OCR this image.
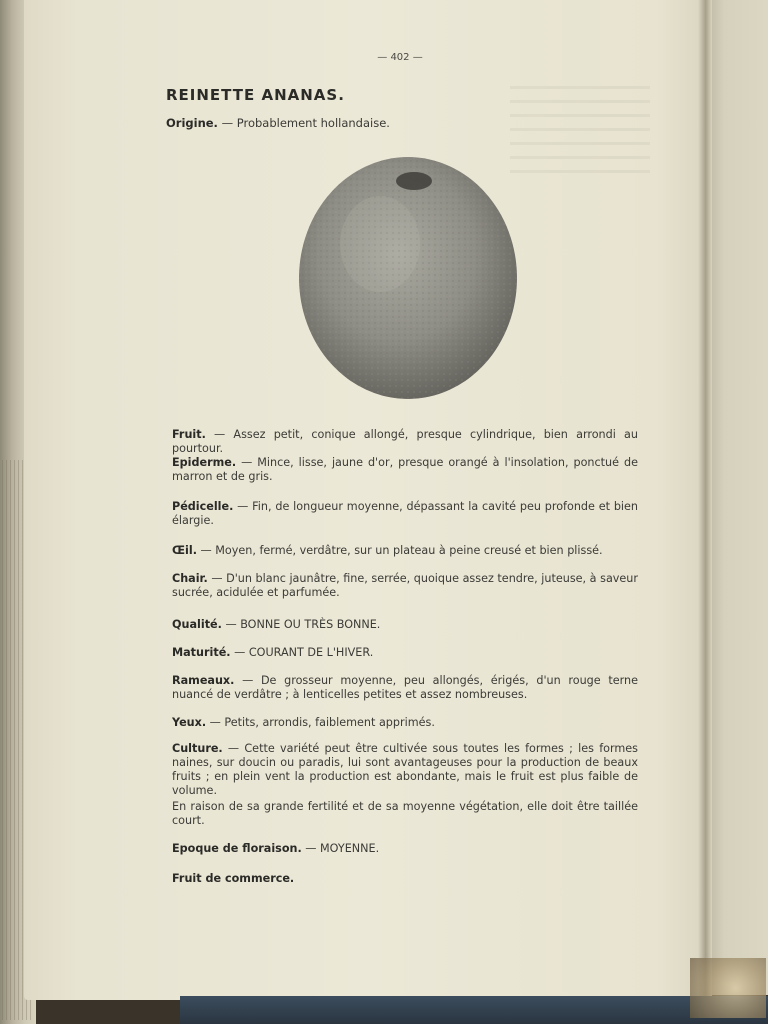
— 402 —
REINETTE ANANAS.
Origine. — Probablement hollandaise.
Fruit. — Assez petit, conique allongé, presque cylindrique, bien arrondi au pourtour.
Epiderme. — Mince, lisse, jaune d'or, presque orangé à l'insolation, ponctué de marron et de gris.
Pédicelle. — Fin, de longueur moyenne, dépassant la cavité peu profonde et bien élargie.
Œil. — Moyen, fermé, verdâtre, sur un plateau à peine creusé et bien plissé.
Chair. — D'un blanc jaunâtre, fine, serrée, quoique assez tendre, juteuse, à saveur sucrée, acidulée et parfumée.
Qualité. — BONNE OU TRÈS BONNE.
Maturité. — COURANT DE L'HIVER.
Rameaux. — De grosseur moyenne, peu allongés, érigés, d'un rouge terne nuancé de verdâtre ; à lenticelles petites et assez nombreuses.
Yeux. — Petits, arrondis, faiblement apprimés.
Culture. — Cette variété peut être cultivée sous toutes les formes ; les formes naines, sur doucin ou paradis, lui sont avantageuses pour la production de beaux fruits ; en plein vent la production est abondante, mais le fruit est plus faible de volume.
En raison de sa grande fertilité et de sa moyenne végétation, elle doit être taillée court.
Epoque de floraison. — MOYENNE.
Fruit de commerce.
